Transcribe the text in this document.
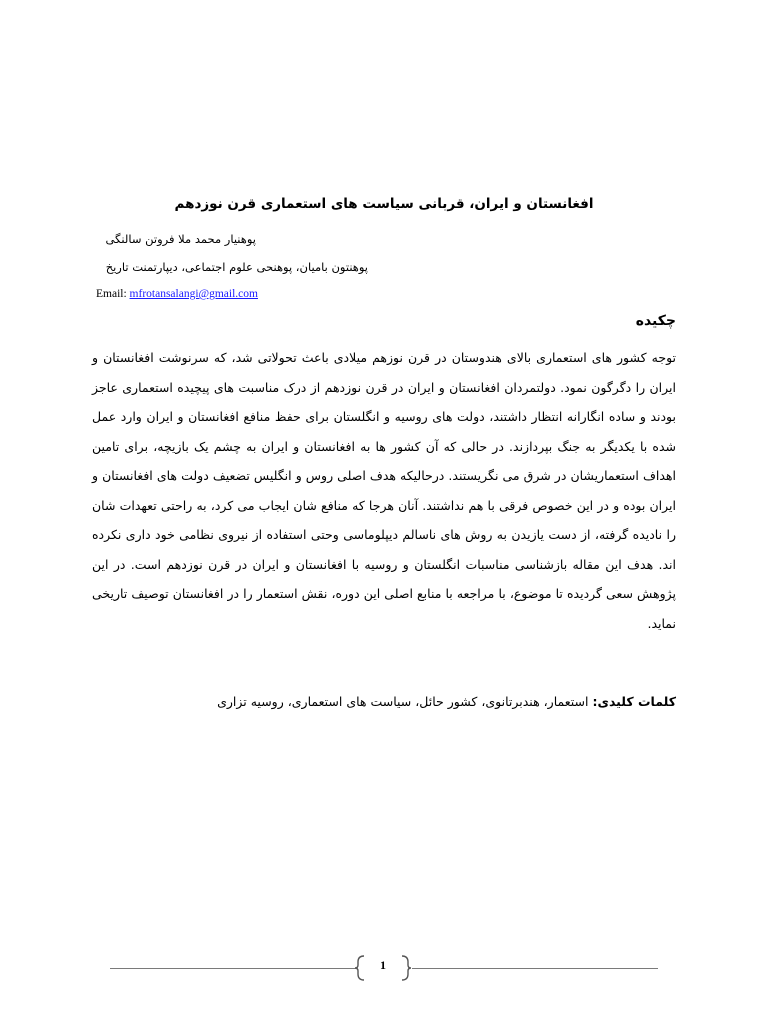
افغانستان و ایران، قربانی سیاست های استعماری قرن نوزدهم
پوهنیار محمد ملا فروتن سالنگی
پوهنتون بامیان، پوهنحی علوم اجتماعی، دیپارتمنت تاریخ
Email: mfrotansalangi@gmail.com
چکیده
توجه کشور های استعماری بالای هندوستان در قرن نوزهم میلادی باعث تحولاتی شد، که سرنوشت افغانستان و ایران را دگرگون نمود. دولتمردان افغانستان و ایران در قرن نوزدهم از درک مناسبت های پیچیده استعماری عاجز بودند و ساده انگارانه انتظار داشتند، دولت های روسیه و انگلستان برای حفظ منافع افغانستان و ایران وارد عمل شده با یکدیگر به جنگ بپردازند. در حالی که آن کشور ها به افغانستان و ایران به چشم یک بازیچه، برای تامین اهداف استعماریشان در شرق می نگریستند. درحالیکه هدف اصلی روس و انگلیس تضعیف دولت های افغانستان و ایران بوده و در این خصوص فرقی با هم نداشتند. آنان هرجا که منافع شان ایجاب می کرد، به راحتی تعهدات شان را نادیده گرفته، از دست یازیدن به روش های ناسالم دیپلوماسی وحتی استفاده از نیروی نظامی خود داری نکرده اند. هدف این مقاله بازشناسی مناسبات انگلستان و روسیه با افغانستان و ایران در قرن نوزدهم است. در این پژوهش سعی گردیده تا موضوع، با مراجعه با منابع اصلی این دوره، نقش استعمار را در افغانستان توصیف تاریخی نماید.
کلمات کلیدی: استعمار، هندبرتانوی، کشور حائل، سیاست های استعماری، روسیه تزاری
1
